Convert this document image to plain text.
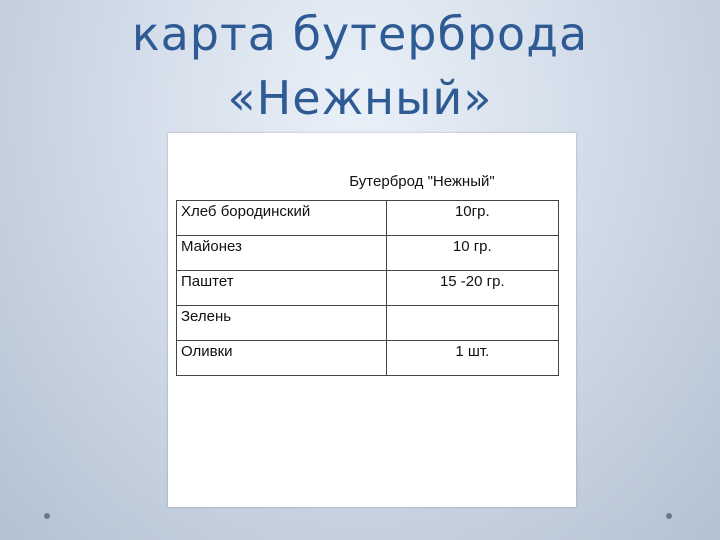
карта бутерброда
«Нежный»
Бутерброд "Нежный"
Хлеб бородинский	10гр.
Майонез	10 гр.
Паштет	15 -20 гр.
Зелень	
Оливки	1 шт.
